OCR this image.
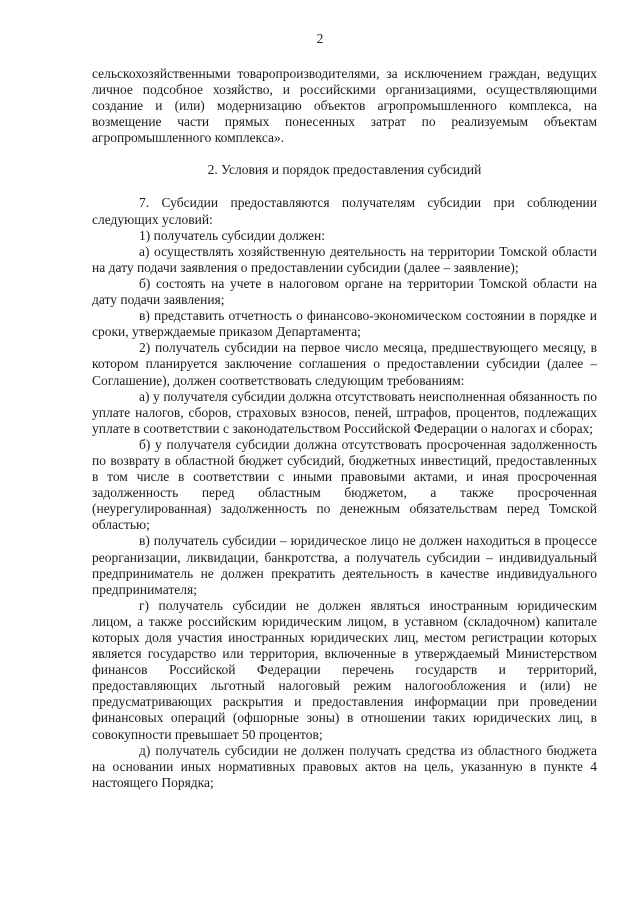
2

сельскохозяйственными товаропроизводителями, за исключением граждан, ведущих личное подсобное хозяйство, и российскими организациями, осуществляющими создание и (или) модернизацию объектов агропромышленного комплекса, на возмещение части прямых понесенных затрат по реализуемым объектам агропромышленного комплекса».

2. Условия и порядок предоставления субсидий

7. Субсидии предоставляются получателям субсидии при соблюдении следующих условий:

1) получатель субсидии должен:

а) осуществлять хозяйственную деятельность на территории Томской области на дату подачи заявления о предоставлении субсидии (далее – заявление);

б) состоять на учете в налоговом органе на территории Томской области на дату подачи заявления;

в) представить отчетность о финансово-экономическом состоянии в порядке и сроки, утверждаемые приказом Департамента;

2) получатель субсидии на первое число месяца, предшествующего месяцу, в котором планируется заключение соглашения о предоставлении субсидии (далее – Соглашение), должен соответствовать следующим требованиям:

а) у получателя субсидии должна отсутствовать неисполненная обязанность по уплате налогов, сборов, страховых взносов, пеней, штрафов, процентов, подлежащих уплате в соответствии с законодательством Российской Федерации о налогах и сборах;

б) у получателя субсидии должна отсутствовать просроченная задолженность по возврату в областной бюджет субсидий, бюджетных инвестиций, предоставленных в том числе в соответствии с иными правовыми актами, и иная просроченная задолженность перед областным бюджетом, а также просроченная (неурегулированная) задолженность по денежным обязательствам перед Томской областью;

в) получатель субсидии – юридическое лицо не должен находиться в процессе реорганизации, ликвидации, банкротства, а получатель субсидии – индивидуальный предприниматель не должен прекратить деятельность в качестве индивидуального предпринимателя;

г) получатель субсидии не должен являться иностранным юридическим лицом, а также российским юридическим лицом, в уставном (складочном) капитале которых доля участия иностранных юридических лиц, местом регистрации которых является государство или территория, включенные в утверждаемый Министерством финансов Российской Федерации перечень государств и территорий, предоставляющих льготный налоговый режим налогообложения и (или) не предусматривающих раскрытия и предоставления информации при проведении финансовых операций (офшорные зоны) в отношении таких юридических лиц, в совокупности превышает 50 процентов;

д) получатель субсидии не должен получать средства из областного бюджета на основании иных нормативных правовых актов на цель, указанную в пункте 4 настоящего Порядка;
